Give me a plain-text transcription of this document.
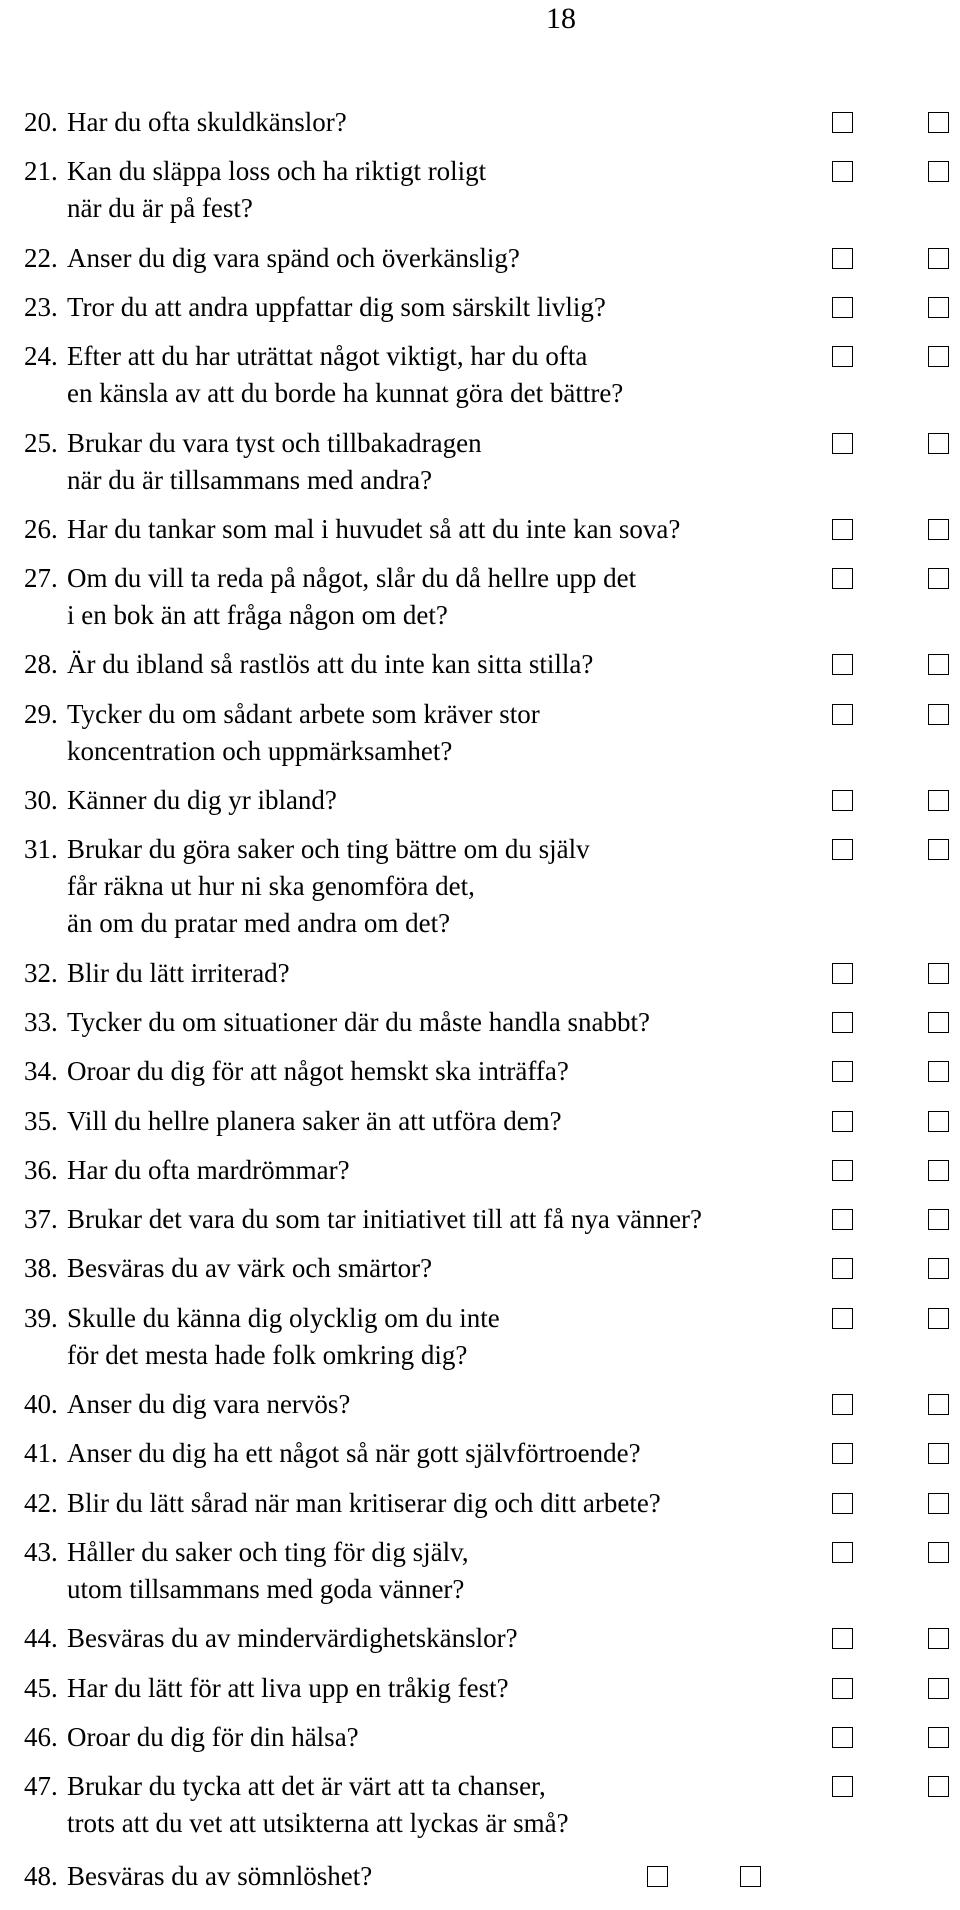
18
20. Har du ofta skuldkänslor?
21. Kan du släppa loss och ha riktigt roligt
när du är på fest?
22. Anser du dig vara spänd och överkänslig?
23. Tror du att andra uppfattar dig som särskilt livlig?
24. Efter att du har uträttat något viktigt, har du ofta
en känsla av att du borde ha kunnat göra det bättre?
25. Brukar du vara tyst och tillbakadragen
när du är tillsammans med andra?
26. Har du tankar som mal i huvudet så att du inte kan sova?
27. Om du vill ta reda på något, slår du då hellre upp det
i en bok än att fråga någon om det?
28. Är du ibland så rastlös att du inte kan sitta stilla?
29. Tycker du om sådant arbete som kräver stor
koncentration och uppmärksamhet?
30. Känner du dig yr ibland?
31. Brukar du göra saker och ting bättre om du själv
får räkna ut hur ni ska genomföra det,
än om du pratar med andra om det?
32. Blir du lätt irriterad?
33. Tycker du om situationer där du måste handla snabbt?
34. Oroar du dig för att något hemskt ska inträffa?
35. Vill du hellre planera saker än att utföra dem?
36. Har du ofta mardrömmar?
37. Brukar det vara du som tar initiativet till att få nya vänner?
38. Besväras du av värk och smärtor?
39. Skulle du känna dig olycklig om du inte
för det mesta hade folk omkring dig?
40. Anser du dig vara nervös?
41. Anser du dig ha ett något så när gott självförtroende?
42. Blir du lätt sårad när man kritiserar dig och ditt arbete?
43. Håller du saker och ting för dig själv,
utom tillsammans med goda vänner?
44. Besväras du av mindervärdighetskänslor?
45. Har du lätt för att liva upp en tråkig fest?
46. Oroar du dig för din hälsa?
47. Brukar du tycka att det är värt att ta chanser,
trots att du vet att utsikterna att lyckas är små?
48. Besväras du av sömnlöshet?
